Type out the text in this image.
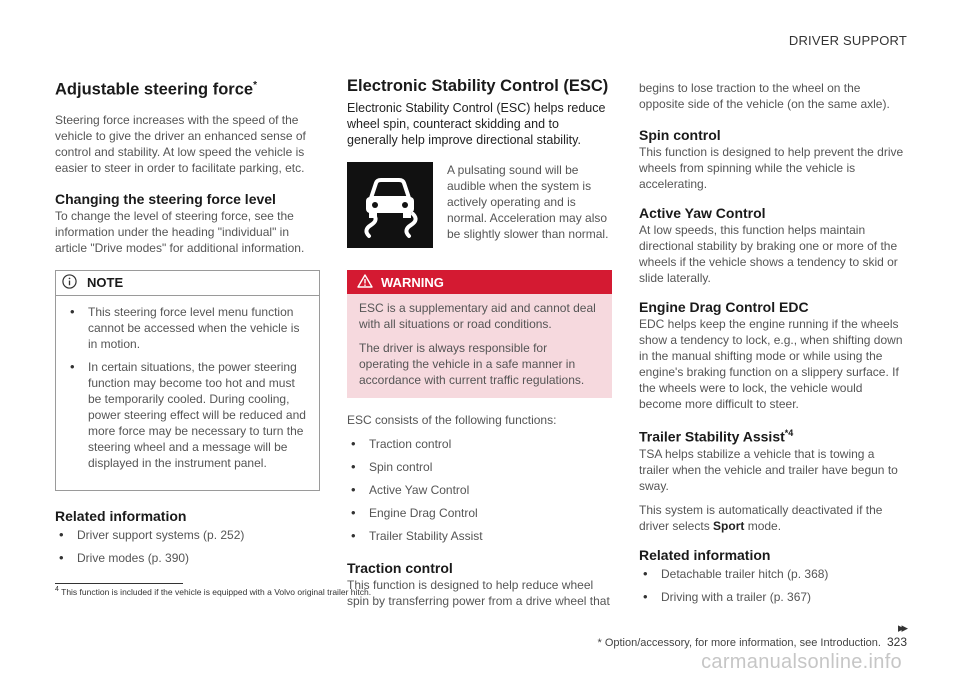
DRIVER SUPPORT
Adjustable steering force*

Steering force increases with the speed of the vehicle to give the driver an enhanced sense of control and stability. At low speed the vehicle is easier to steer in order to facilitate parking, etc.

Changing the steering force level

To change the level of steering force, see the information under the heading "individual" in article "Drive modes" for additional information.

NOTE
• This steering force level menu function cannot be accessed when the vehicle is in motion.
• In certain situations, the power steering function may become too hot and must be temporarily cooled. During cooling, power steering effect will be reduced and more force may be necessary to turn the steering wheel and a message will be displayed in the instrument panel.
Related information
• Driver support systems (p. 252)
• Drive modes (p. 390)
Electronic Stability Control (ESC)

Electronic Stability Control (ESC) helps reduce wheel spin, counteract skidding and to generally help improve directional stability.

A pulsating sound will be audible when the system is actively operating and is normal. Acceleration may also be slightly slower than normal.

WARNING

ESC is a supplementary aid and cannot deal with all situations or road conditions.

The driver is always responsible for operating the vehicle in a safe manner in accordance with current traffic regulations.

ESC consists of the following functions:

• Traction control
• Spin control
• Active Yaw Control
• Engine Drag Control
• Trailer Stability Assist
Traction control

This function is designed to help reduce wheel spin by transferring power from a drive wheel that

begins to lose traction to the wheel on the opposite side of the vehicle (on the same axle).

Spin control

This function is designed to help prevent the drive wheels from spinning while the vehicle is accelerating.

Active Yaw Control

At low speeds, this function helps maintain directional stability by braking one or more of the wheels if the vehicle shows a tendency to skid or slide laterally.

Engine Drag Control EDC

EDC helps keep the engine running if the wheels show a tendency to lock, e.g., when shifting down in the manual shifting mode or while using the engine's braking function on a slippery surface. If the wheels were to lock, the vehicle would become more difficult to steer.

Trailer Stability Assist$^{*4}$

TSA helps stabilize a vehicle that is towing a trailer when the vehicle and trailer have begun to sway.

This system is automatically deactivated if the driver selects Sport mode.

Related information
• Detachable trailer hitch (p. 368)
• Driving with a trailer (p. 367)
$^4$ This function is included if the vehicle is equipped with a Volvo original trailer hitch.
▸▸
* Option/accessory, for more information, see Introduction. 323
carmanualsonline.info
